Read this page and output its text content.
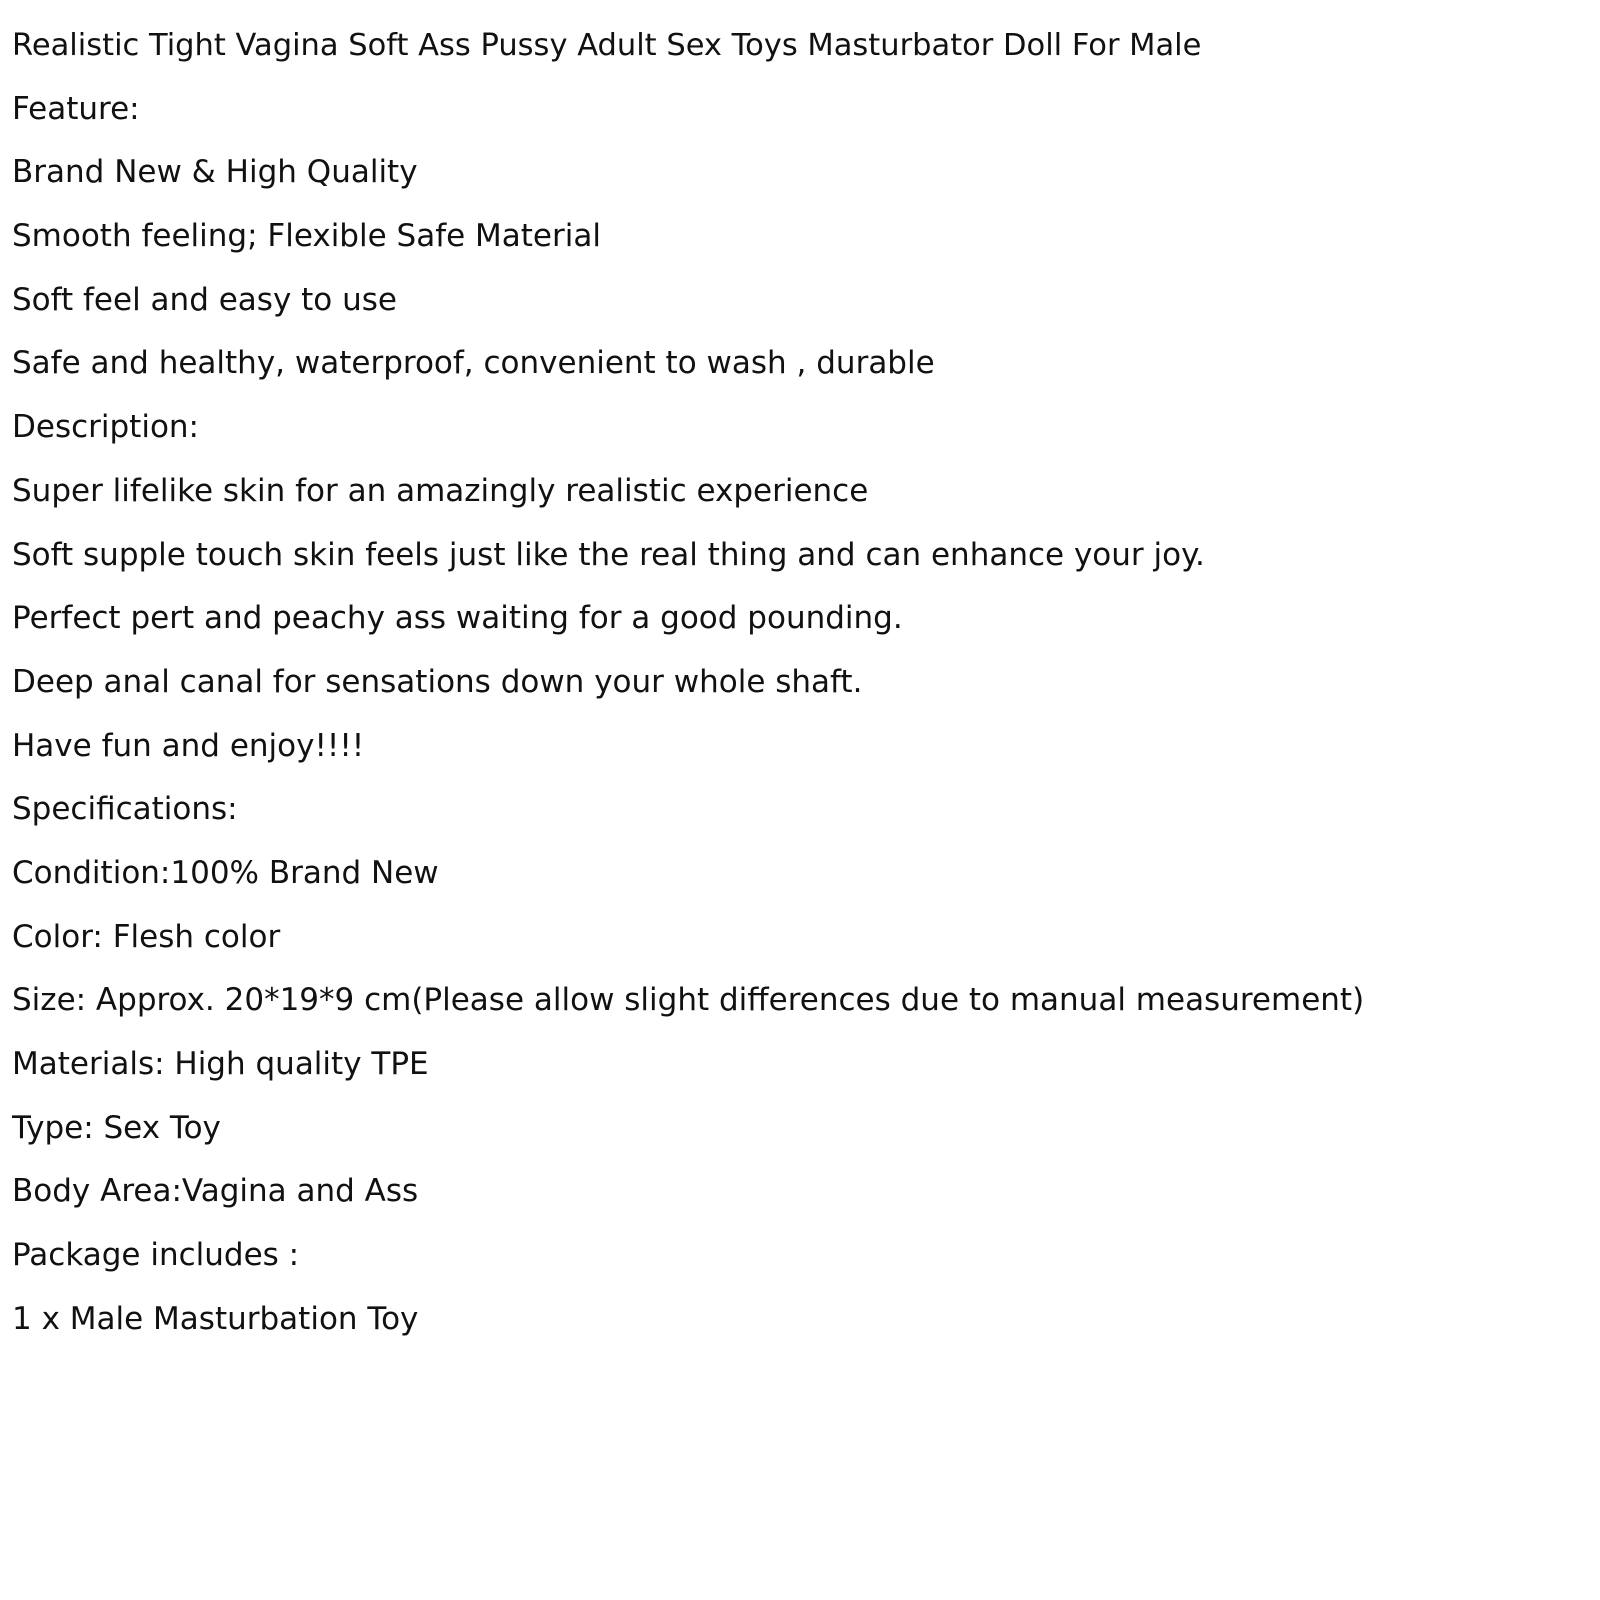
Realistic Tight Vagina Soft Ass Pussy Adult Sex Toys Masturbator Doll For Male
Feature:
Brand New & High Quality
Smooth feeling; Flexible Safe Material
Soft feel and easy to use
Safe and healthy, waterproof, convenient to wash , durable
Description:
Super lifelike skin for an amazingly realistic experience
Soft supple touch skin feels just like the real thing and can enhance your joy.
Perfect pert and peachy ass waiting for a good pounding.
Deep anal canal for sensations down your whole shaft.
Have fun and enjoy!!!!
Specifications:
Condition:100% Brand New
Color: Flesh color
Size: Approx. 20*19*9 cm(Please allow slight differences due to manual measurement)
Materials: High quality TPE
Type: Sex Toy
Body Area:Vagina and Ass
Package includes :
1 x Male Masturbation Toy
